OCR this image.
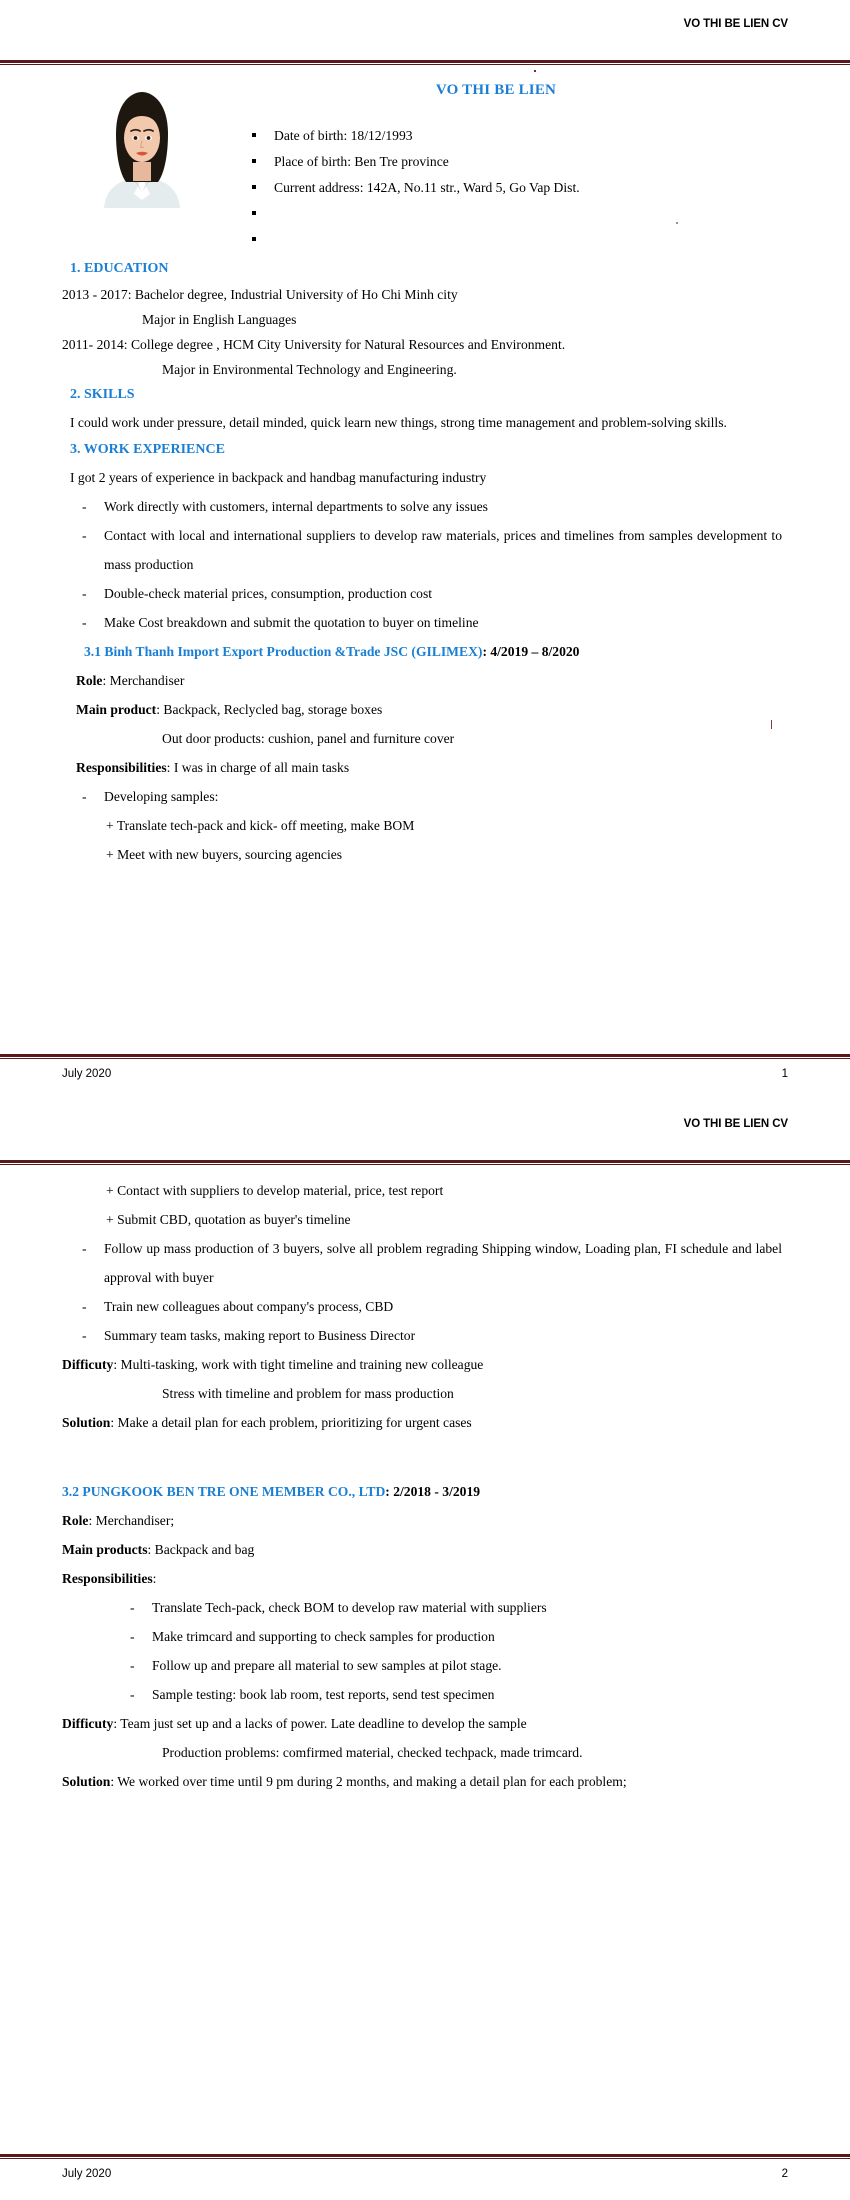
VO THI BE LIEN CV
VO THI BE LIEN
Date of birth: 18/12/1993
Place of birth: Ben Tre province
Current address: 142A, No.11 str., Ward 5, Go Vap Dist.
1. EDUCATION
2013 - 2017: Bachelor degree, Industrial University of Ho Chi Minh city
Major in English Languages
2011- 2014: College degree , HCM City University for Natural Resources and Environment.
Major in Environmental Technology and Engineering.
2. SKILLS
I could work under pressure, detail minded, quick learn new things, strong time management and problem-solving skills.
3. WORK EXPERIENCE
I got 2 years of experience in backpack and handbag manufacturing industry
- Work directly with customers, internal departments to solve any issues
- Contact with local and international suppliers to develop raw materials, prices and timelines from samples development to mass production
- Double-check material prices, consumption, production cost
- Make Cost breakdown and submit the quotation to buyer on timeline
3.1 Binh Thanh Import Export Production &Trade JSC (GILIMEX): 4/2019 – 8/2020
Role: Merchandiser
Main product: Backpack, Reclycled bag, storage boxes
Out door products: cushion, panel and furniture cover
Responsibilities: I was in charge of all main tasks
- Developing samples:
+ Translate tech-pack and kick- off meeting, make BOM
+ Meet with new buyers, sourcing agencies
July 2020	1
VO THI BE LIEN CV
+ Contact with suppliers to develop material, price, test report
+ Submit CBD, quotation as buyer's timeline
- Follow up mass production of 3 buyers, solve all problem regrading Shipping window, Loading plan, FI schedule and label approval with buyer
- Train new colleagues about company's process, CBD
- Summary team tasks, making report to Business Director
Difficuty: Multi-tasking, work with tight timeline and training new colleague
Stress with timeline and problem for mass production
Solution: Make a detail plan for each problem, prioritizing for urgent cases
3.2 PUNGKOOK BEN TRE ONE MEMBER CO., LTD: 2/2018 - 3/2019
Role: Merchandiser;
Main products: Backpack and bag
Responsibilities:
- Translate Tech-pack, check BOM to develop raw material with suppliers
- Make trimcard and supporting to check samples for production
- Follow up and prepare all material to sew samples at pilot stage.
- Sample testing: book lab room, test reports, send test specimen
Difficuty: Team just set up and a lacks of power. Late deadline to develop the sample
Production problems: comfirmed material, checked techpack, made trimcard.
Solution: We worked over time until 9 pm during 2 months, and making a detail plan for each problem;
July 2020	2
